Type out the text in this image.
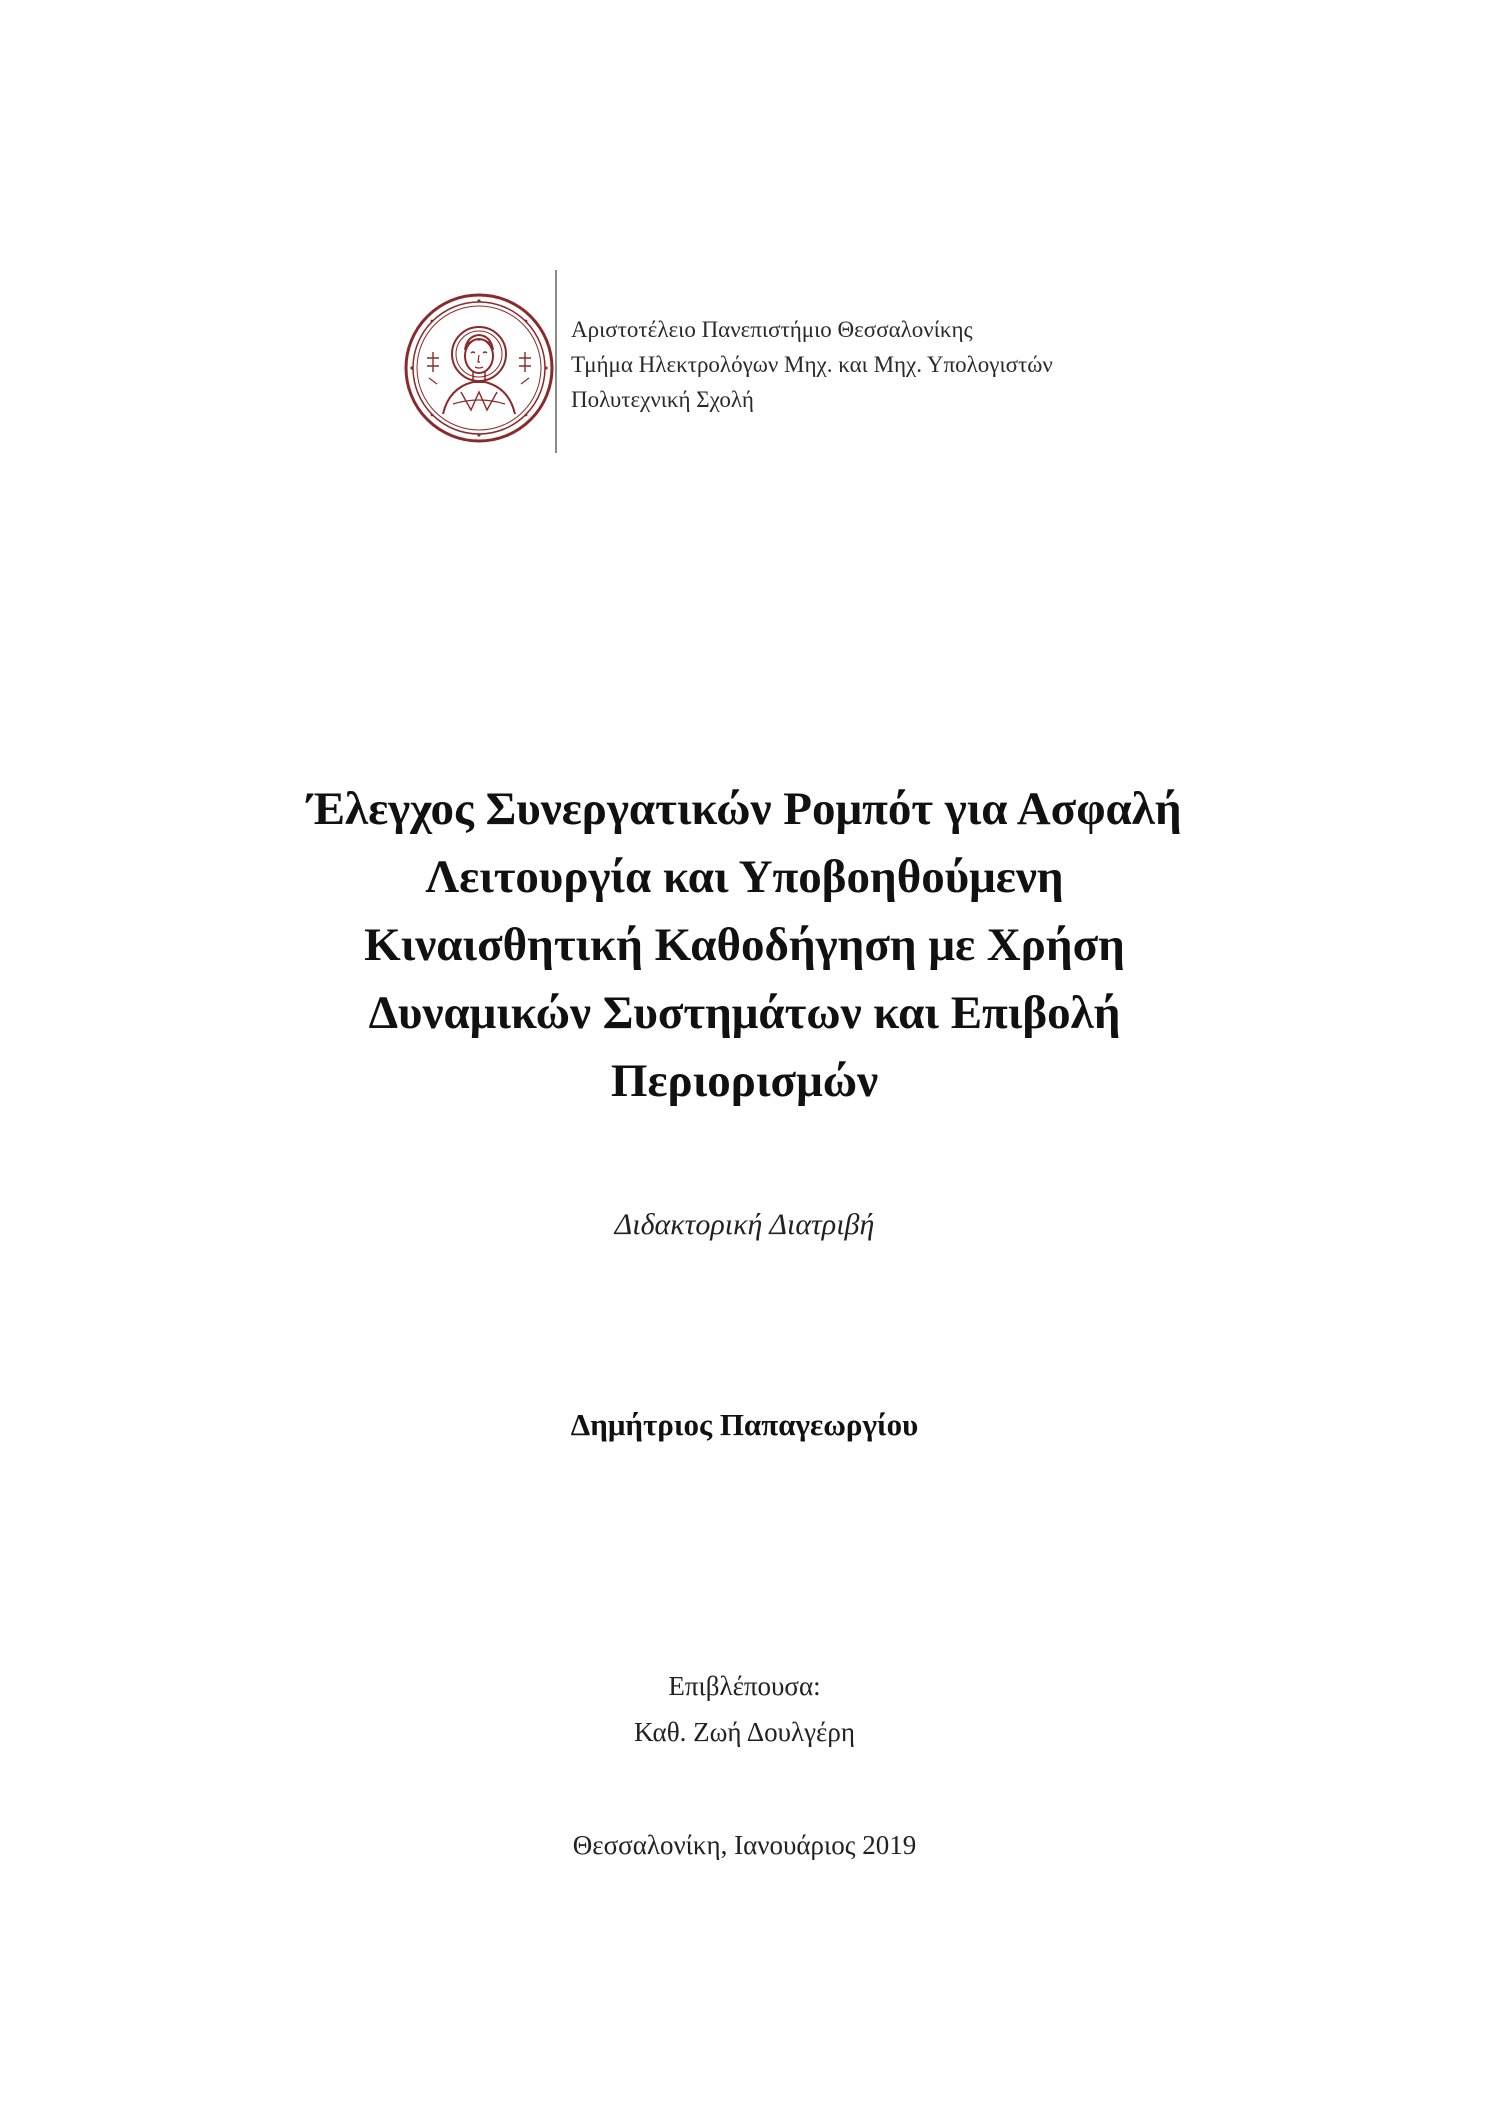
Αριστοτέλειο Πανεπιστήμιο Θεσσαλονίκης
Τμήμα Ηλεκτρολόγων Μηχ. και Μηχ. Υπολογιστών
Πολυτεχνική Σχολή
Έλεγχος Συνεργατικών Ρομπότ για Ασφαλή
Λειτουργία και Υποβοηθούμενη
Κιναισθητική Καθοδήγηση με Χρήση
Δυναμικών Συστημάτων και Επιβολή
Περιορισμών
Διδακτορική Διατριβή
Δημήτριος Παπαγεωργίου
Επιβλέπουσα:
Καθ. Ζωή Δουλγέρη
Θεσσαλονίκη, Ιανουάριος 2019
